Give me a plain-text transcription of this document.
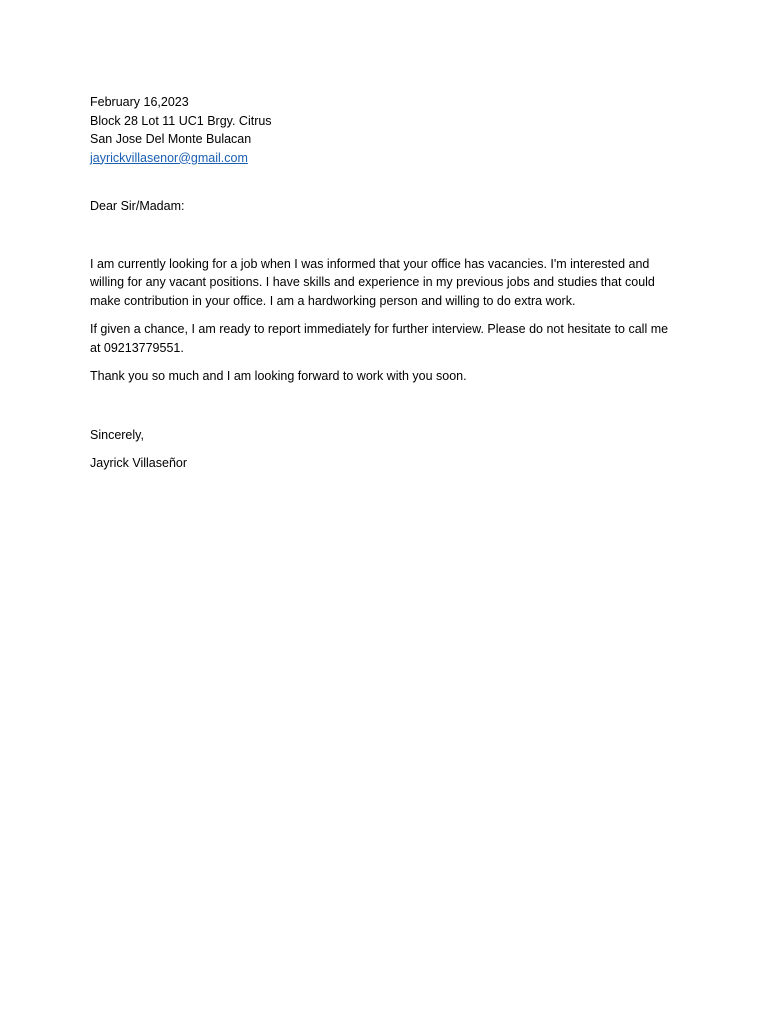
February 16,2023
Block 28 Lot 11 UC1 Brgy. Citrus
San Jose Del Monte Bulacan
jayrickvillasenor@gmail.com
Dear Sir/Madam:

I am currently looking for a job when I was informed that your office has vacancies. I'm interested and willing for any vacant positions. I have skills and experience in my previous jobs and studies that could make contribution in your office. I am a hardworking person and willing to do extra work.

If given a chance, I am ready to report immediately for further interview. Please do not hesitate to call me at 09213779551.

Thank you so much and I am looking forward to work with you soon.

Sincerely,
Jayrick Villaseñor
